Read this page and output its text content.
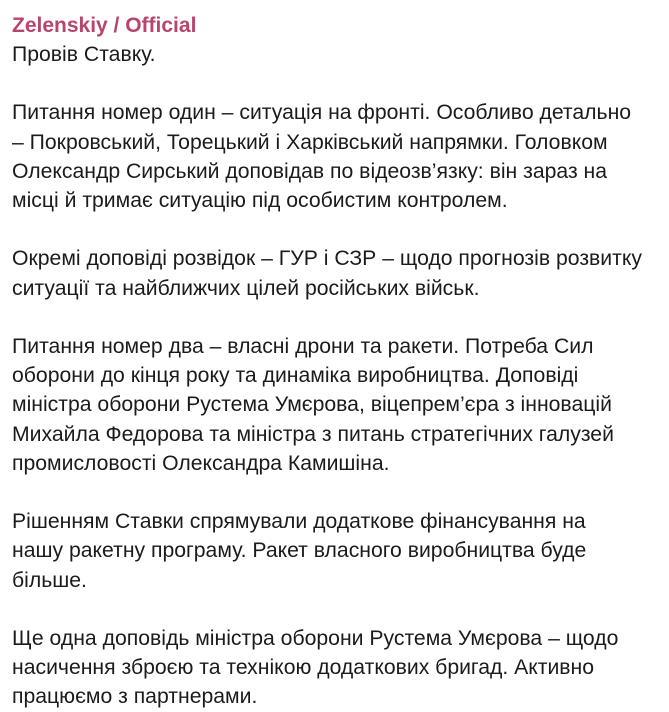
Zelenskiy / Official
Провів Ставку.
Питання номер один – ситуація на фронті. Особливо детально
– Покровський, Торецький і Харківський напрямки. Головком
Олександр Сирський доповідав по відеозв’язку: він зараз на
місці й тримає ситуацію під особистим контролем.
Окремі доповіді розвідок – ГУР і СЗР – щодо прогнозів розвитку
ситуації та найближчих цілей російських військ.
Питання номер два – власні дрони та ракети. Потреба Сил
оборони до кінця року та динаміка виробництва. Доповіді
міністра оборони Рустема Умєрова, віцепрем’єра з інновацій
Михайла Федорова та міністра з питань стратегічних галузей
промисловості Олександра Камишіна.
Рішенням Ставки спрямували додаткове фінансування на
нашу ракетну програму. Ракет власного виробництва буде
більше.
Ще одна доповідь міністра оборони Рустема Умєрова – щодо
насичення зброєю та технікою додаткових бригад. Активно
працюємо з партнерами.
